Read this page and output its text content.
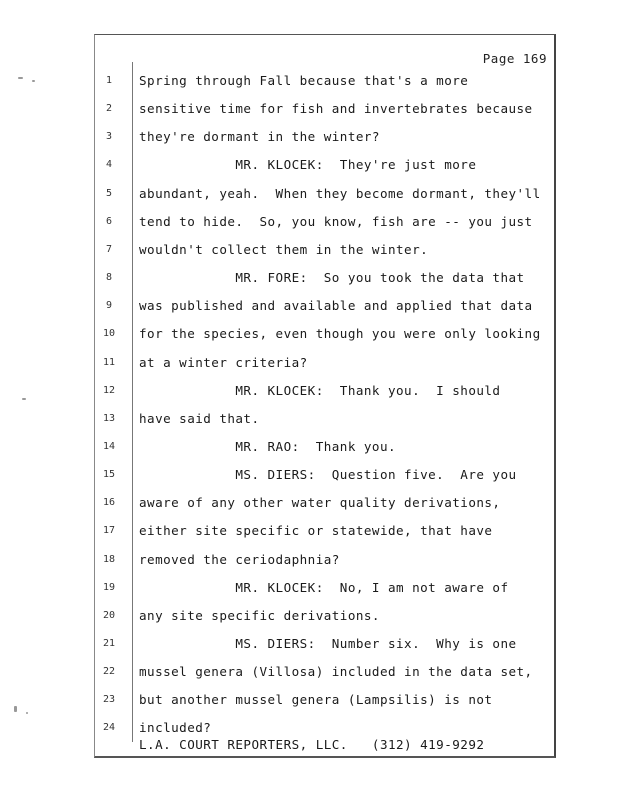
Page 169
1	Spring through Fall because that's a more
2	sensitive time for fish and invertebrates because
3	they're dormant in the winter?
4	MR. KLOCEK:  They're just more
5	abundant, yeah.  When they become dormant, they'll
6	tend to hide.  So, you know, fish are -- you just
7	wouldn't collect them in the winter.
8	MR. FORE:  So you took the data that
9	was published and available and applied that data
10	for the species, even though you were only looking
11	at a winter criteria?
12	MR. KLOCEK:  Thank you.  I should
13	have said that.
14	MR. RAO:  Thank you.
15	MS. DIERS:  Question five.  Are you
16	aware of any other water quality derivations,
17	either site specific or statewide, that have
18	removed the ceriodaphnia?
19	MR. KLOCEK:  No, I am not aware of
20	any site specific derivations.
21	MS. DIERS:  Number six.  Why is one
22	mussel genera (Villosa) included in the data set,
23	but another mussel genera (Lampsilis) is not
24	included?
L.A. COURT REPORTERS, LLC.   (312) 419-9292
